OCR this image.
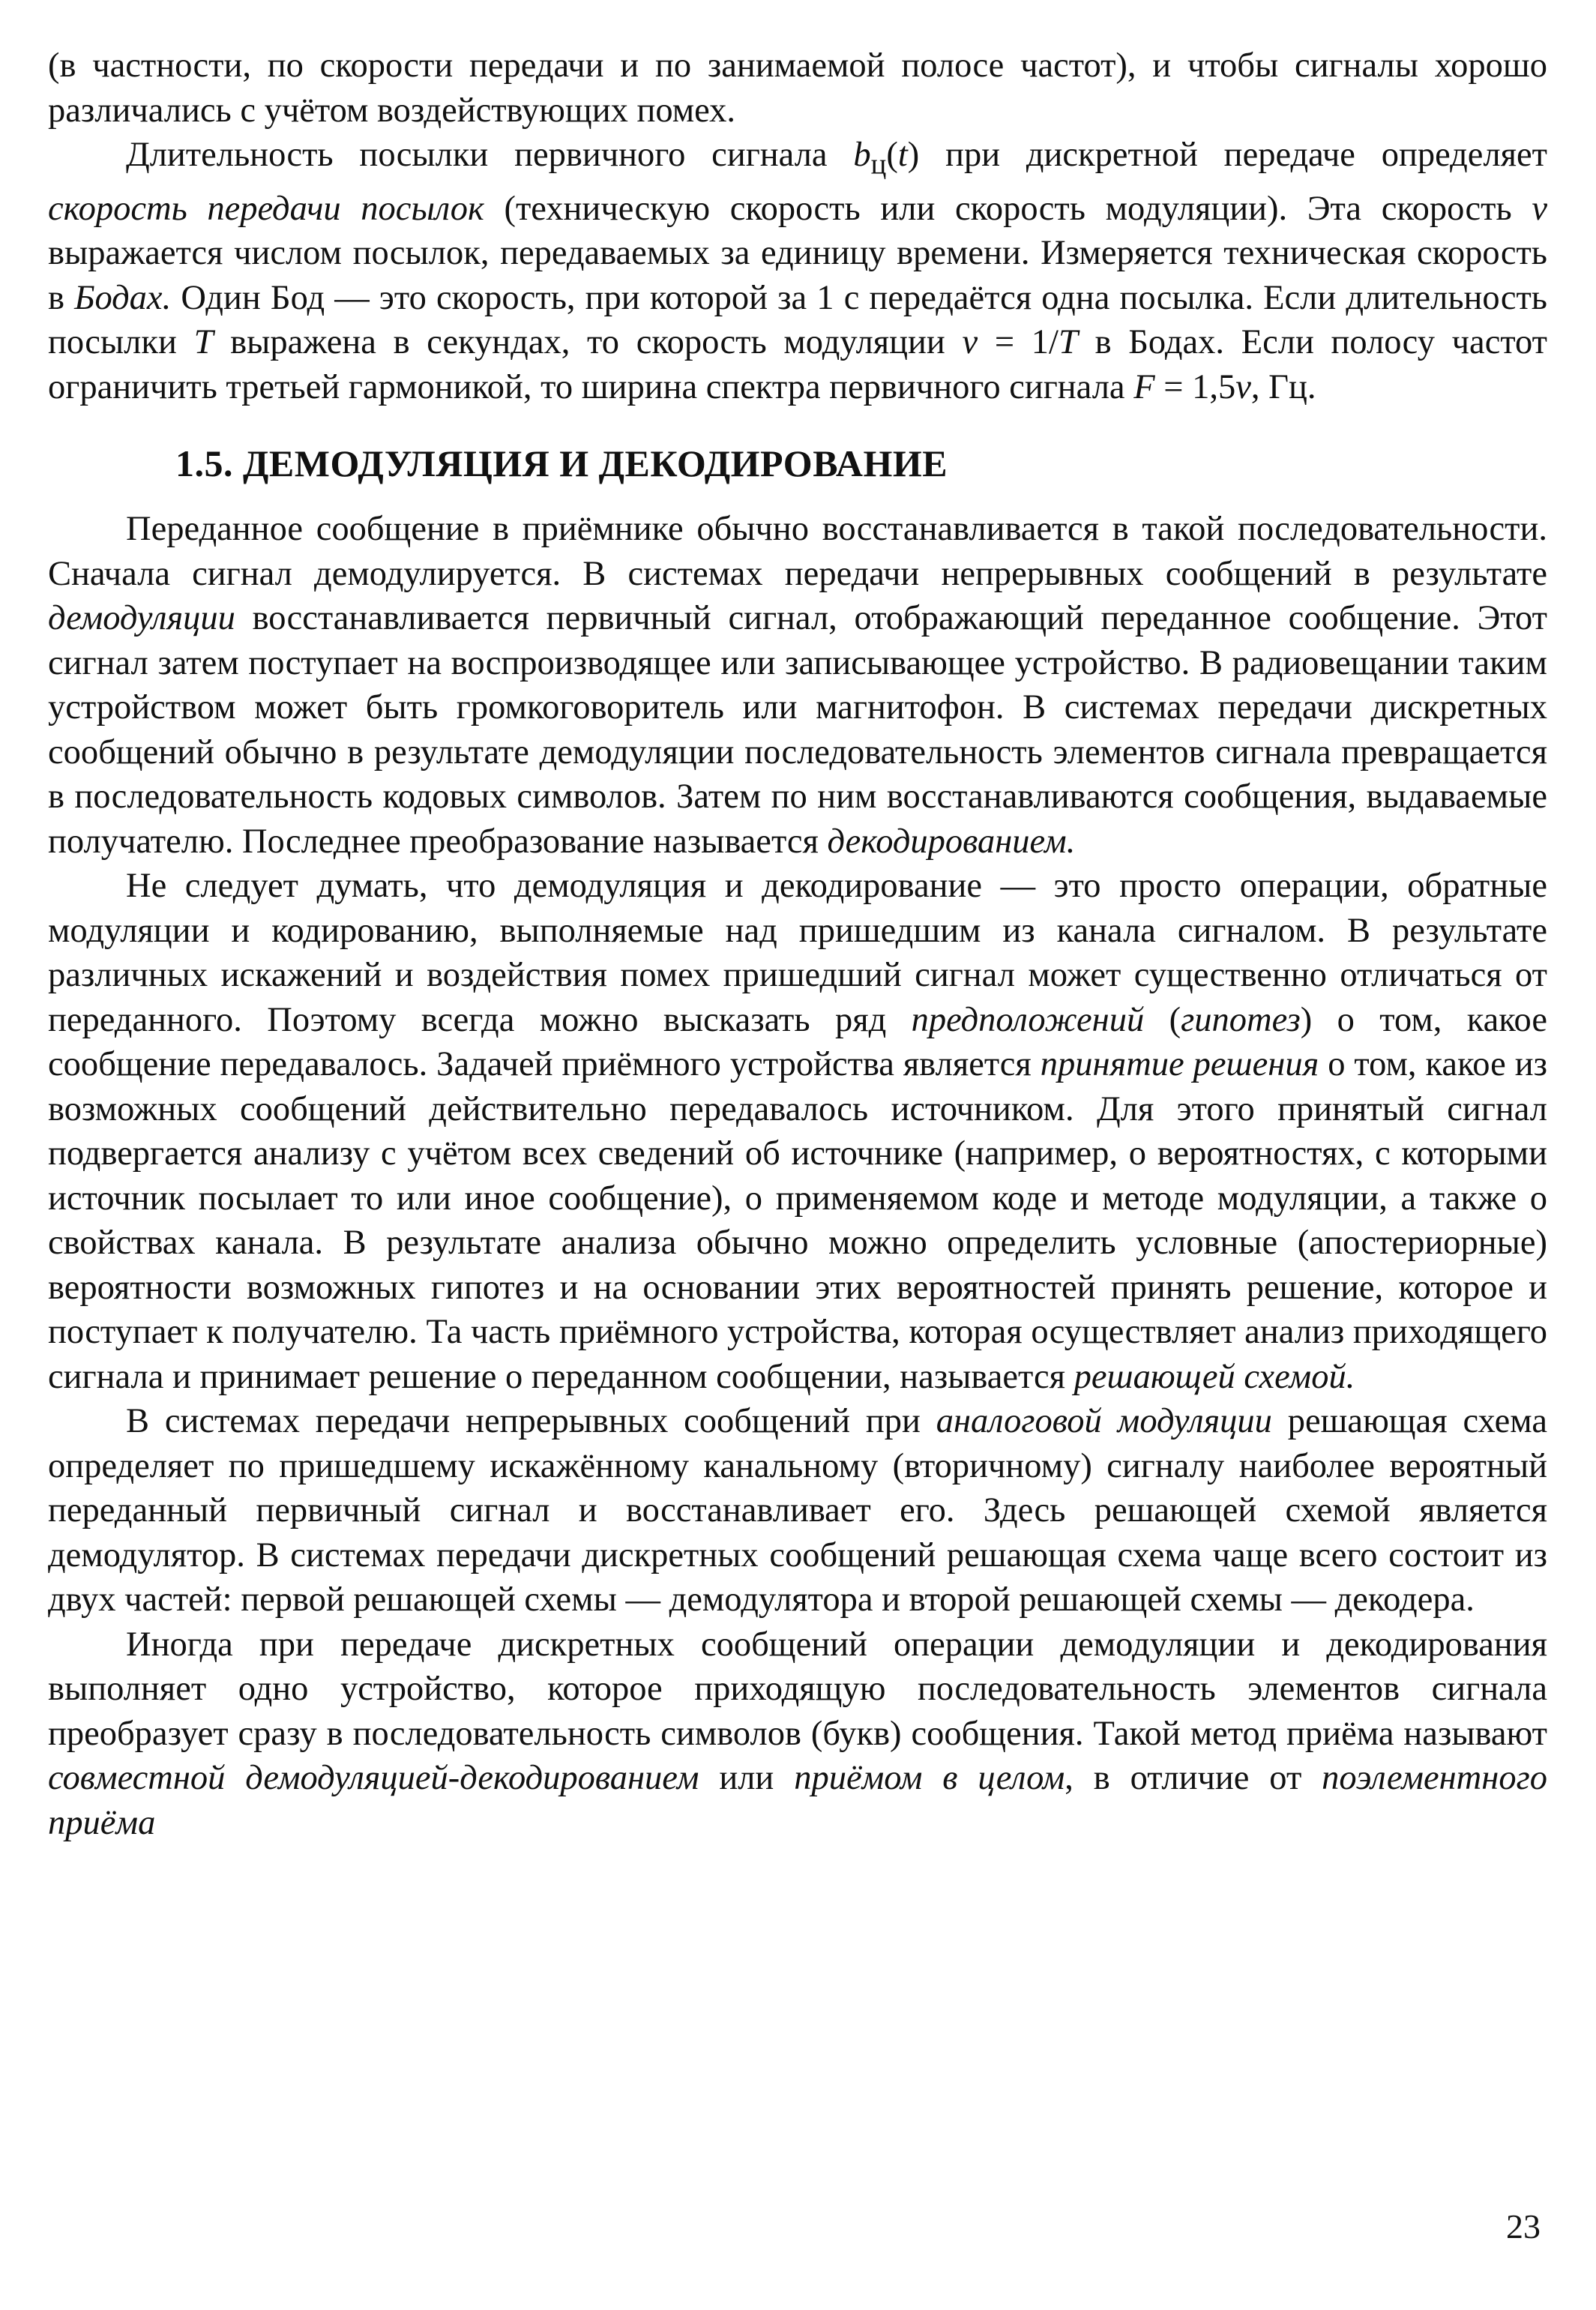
(в частности, по скорости передачи и по занимаемой полосе частот), и чтобы сигналы хорошо различались с учётом воздействующих помех.

Длительность посылки первичного сигнала $b_ц(t)$ при дискретной передаче определяет скорость передачи посылок (техническую скорость или скорость модуляции). Эта скорость v выражается числом посылок, передаваемых за единицу времени. Измеряется техническая скорость в Бодах. Один Бод — это скорость, при которой за 1 с передаётся одна посылка. Если длительность посылки T выражена в секундах, то скорость модуляции v = 1/T в Бодах. Если полосу частот ограничить третьей гармоникой, то ширина спектра первичного сигнала F = 1,5v, Гц.

1.5. ДЕМОДУЛЯЦИЯ И ДЕКОДИРОВАНИЕ

Переданное сообщение в приёмнике обычно восстанавливается в такой последовательности. Сначала сигнал демодулируется. В системах передачи непрерывных сообщений в результате демодуляции восстанавливается первичный сигнал, отображающий переданное сообщение. Этот сигнал затем поступает на воспроизводящее или записывающее устройство. В радиовещании таким устройством может быть громкоговоритель или магнитофон. В системах передачи дискретных сообщений обычно в результате демодуляции последовательность элементов сигнала превращается в последовательность кодовых символов. Затем по ним восстанавливаются сообщения, выдаваемые получателю. Последнее преобразование называется декодированием.

Не следует думать, что демодуляция и декодирование — это просто операции, обратные модуляции и кодированию, выполняемые над пришедшим из канала сигналом. В результате различных искажений и воздействия помех пришедший сигнал может существенно отличаться от переданного. Поэтому всегда можно высказать ряд предположений (гипотез) о том, какое сообщение передавалось. Задачей приёмного устройства является принятие решения о том, какое из возможных сообщений действительно передавалось источником. Для этого принятый сигнал подвергается анализу с учётом всех сведений об источнике (например, о вероятностях, с которыми источник посылает то или иное сообщение), о применяемом коде и методе модуляции, а также о свойствах канала. В результате анализа обычно можно определить условные (апостериорные) вероятности возможных гипотез и на основании этих вероятностей принять решение, которое и поступает к получателю. Та часть приёмного устройства, которая осуществляет анализ приходящего сигнала и принимает решение о переданном сообщении, называется решающей схемой.

В системах передачи непрерывных сообщений при аналоговой модуляции решающая схема определяет по пришедшему искажённому канальному (вторичному) сигналу наиболее вероятный переданный первичный сигнал и восстанавливает его. Здесь решающей схемой является демодулятор. В системах передачи дискретных сообщений решающая схема чаще всего состоит из двух частей: первой решающей схемы — демодулятора и второй решающей схемы — декодера.

Иногда при передаче дискретных сообщений операции демодуляции и декодирования выполняет одно устройство, которое приходящую последовательность элементов сигнала преобразует сразу в последовательность символов (букв) сообщения. Такой метод приёма называют совместной демодуляцией-декодированием или приёмом в целом, в отличие от поэлементного приёма

23
